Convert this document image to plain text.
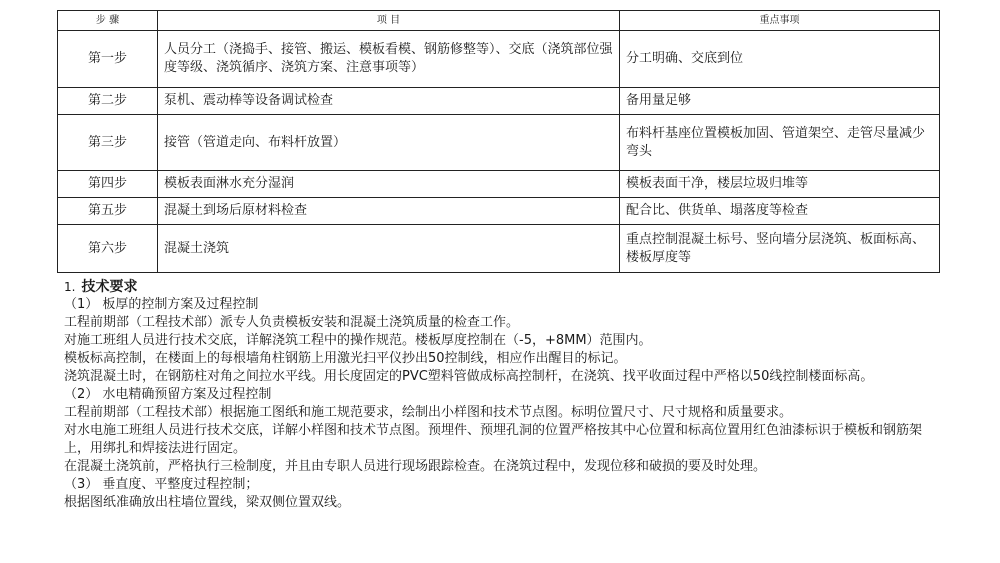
步 骤	项 目	重点事项
第一步	人员分工（浇捣手、接管、搬运、模板看模、钢筋修整等）、交底（浇筑部位强度等级、浇筑循序、浇筑方案、注意事项等）	分工明确、交底到位
第二步	泵机、震动棒等设备调试检查	备用量足够
第三步	接管（管道走向、布料杆放置）	布料杆基座位置模板加固、管道架空、走管尽量减少弯头
第四步	模板表面淋水充分湿润	模板表面干净，楼层垃圾归堆等
第五步	混凝土到场后原材料检查	配合比、供货单、塌落度等检查
第六步	混凝土浇筑	重点控制混凝土标号、竖向墙分层浇筑、板面标高、楼板厚度等

1. 技术要求

（1） 板厚的控制方案及过程控制

工程前期部（工程技术部）派专人负责模板安装和混凝土浇筑质量的检查工作。

对施工班组人员进行技术交底，详解浇筑工程中的操作规范。楼板厚度控制在（-5，+8MM）范围内。

模板标高控制，在楼面上的每根墙角柱钢筋上用激光扫平仪抄出50控制线，相应作出醒目的标记。

浇筑混凝土时，在钢筋柱对角之间拉水平线。用长度固定的PVC塑料管做成标高控制杆，在浇筑、找平收面过程中严格以50线控制楼面标高。

（2） 水电精确预留方案及过程控制

工程前期部（工程技术部）根据施工图纸和施工规范要求，绘制出小样图和技术节点图。标明位置尺寸、尺寸规格和质量要求。

对水电施工班组人员进行技术交底，详解小样图和技术节点图。预埋件、预埋孔洞的位置严格按其中心位置和标高位置用红色油漆标识于模板和钢筋架上，用绑扎和焊接法进行固定。

在混凝土浇筑前，严格执行三检制度，并且由专职人员进行现场跟踪检查。在浇筑过程中，发现位移和破损的要及时处理。

（3） 垂直度、平整度过程控制；

根据图纸准确放出柱墙位置线，梁双侧位置双线。
